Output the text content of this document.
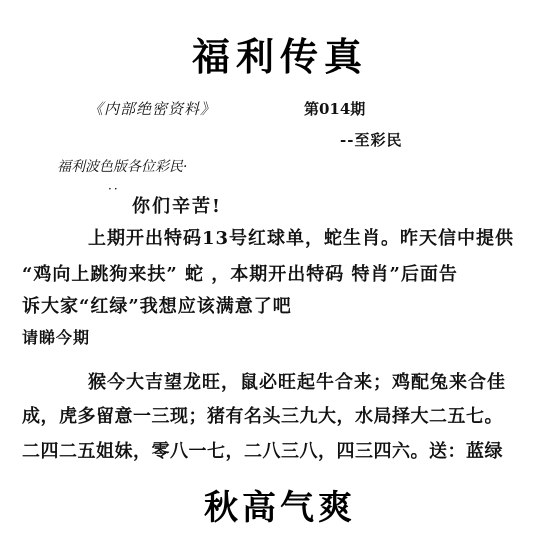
福利传真
《内部绝密资料》	第014期
--至彩民
福利波色版各位彩民·
··
你们辛苦!
上期开出特码13号红球单，蛇生肖。昨天信中提供
“鸡向上跳狗来扶” 蛇 ，本期开出特码 特肖”后面告
诉大家“红绿”我想应该满意了吧
请睇今期
猴今大吉望龙旺，鼠必旺起牛合来；鸡配兔来合佳
成，虎多留意一三现；猪有名头三九大，水局择大二五七。
二四二五姐妹，零八一七，二八三八，四三四六。送：蓝绿
秋高气爽
